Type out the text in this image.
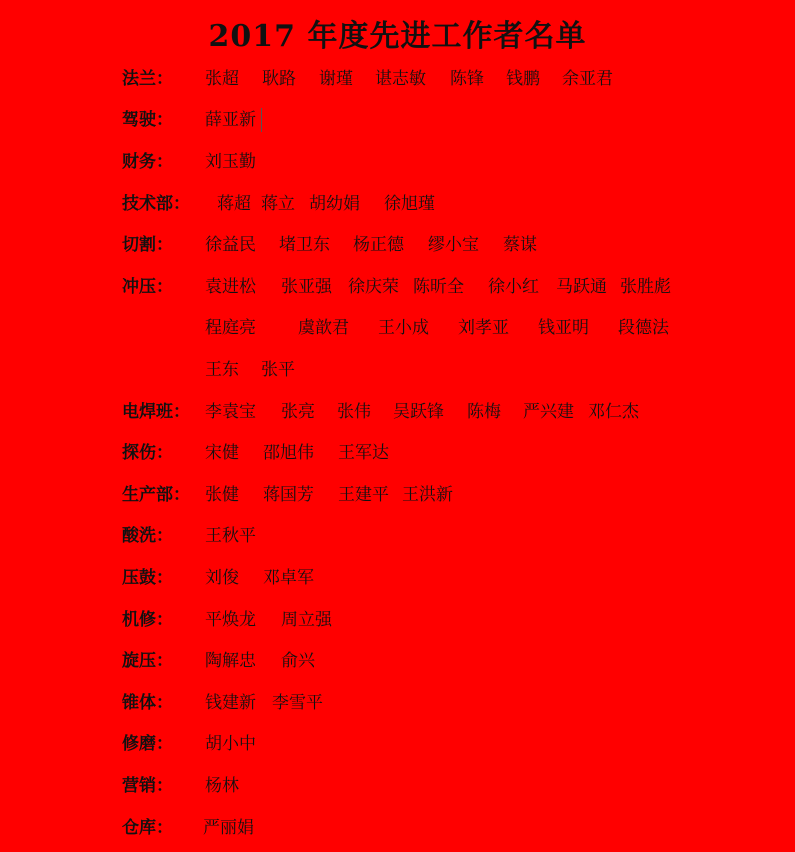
2017 年度先进工作者名单
法兰：	张超 耿路 谢瑾 谌志敏 陈锋 钱鹏 余亚君
驾驶：	薛亚新
财务：	刘玉勤
技术部：	蒋超 蒋立 胡幼娟 徐旭瑾
切割：	徐益民 堵卫东 杨正德 缪小宝 蔡谋
冲压：	袁进松 张亚强 徐庆荣 陈昕全 徐小红 马跃通 张胜彪
程庭亮 虞歆君 王小成 刘孝亚 钱亚明 段德法
王东 张平
电焊班： 李袁宝 张亮 张伟 吴跃锋 陈梅 严兴建 邓仁杰
探伤：	宋健 邵旭伟 王军达
生产部： 张健 蒋国芳 王建平 王洪新
酸洗：	王秋平
压鼓：	刘俊 邓卓军
机修：	平焕龙 周立强
旋压：	陶解忠 俞兴
锥体：	钱建新 李雪平
修磨：	胡小中
营销：	杨林
仓库：	严丽娟
